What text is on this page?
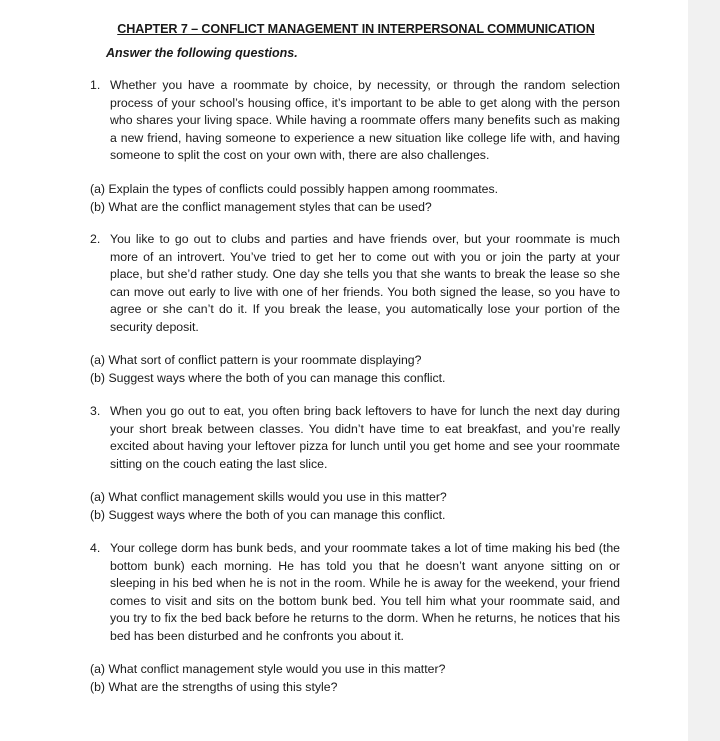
CHAPTER 7 – CONFLICT MANAGEMENT IN INTERPERSONAL COMMUNICATION
Answer the following questions.
1. Whether you have a roommate by choice, by necessity, or through the random selection process of your school’s housing office, it’s important to be able to get along with the person who shares your living space. While having a roommate offers many benefits such as making a new friend, having someone to experience a new situation like college life with, and having someone to split the cost on your own with, there are also challenges.
(a) Explain the types of conflicts could possibly happen among roommates.
(b) What are the conflict management styles that can be used?
2. You like to go out to clubs and parties and have friends over, but your roommate is much more of an introvert. You’ve tried to get her to come out with you or join the party at your place, but she’d rather study. One day she tells you that she wants to break the lease so she can move out early to live with one of her friends. You both signed the lease, so you have to agree or she can’t do it. If you break the lease, you automatically lose your portion of the security deposit.
(a) What sort of conflict pattern is your roommate displaying?
(b) Suggest ways where the both of you can manage this conflict.
3. When you go out to eat, you often bring back leftovers to have for lunch the next day during your short break between classes. You didn’t have time to eat breakfast, and you’re really excited about having your leftover pizza for lunch until you get home and see your roommate sitting on the couch eating the last slice.
(a) What conflict management skills would you use in this matter?
(b) Suggest ways where the both of you can manage this conflict.
4. Your college dorm has bunk beds, and your roommate takes a lot of time making his bed (the bottom bunk) each morning. He has told you that he doesn’t want anyone sitting on or sleeping in his bed when he is not in the room. While he is away for the weekend, your friend comes to visit and sits on the bottom bunk bed. You tell him what your roommate said, and you try to fix the bed back before he returns to the dorm. When he returns, he notices that his bed has been disturbed and he confronts you about it.
(a) What conflict management style would you use in this matter?
(b) What are the strengths of using this style?
